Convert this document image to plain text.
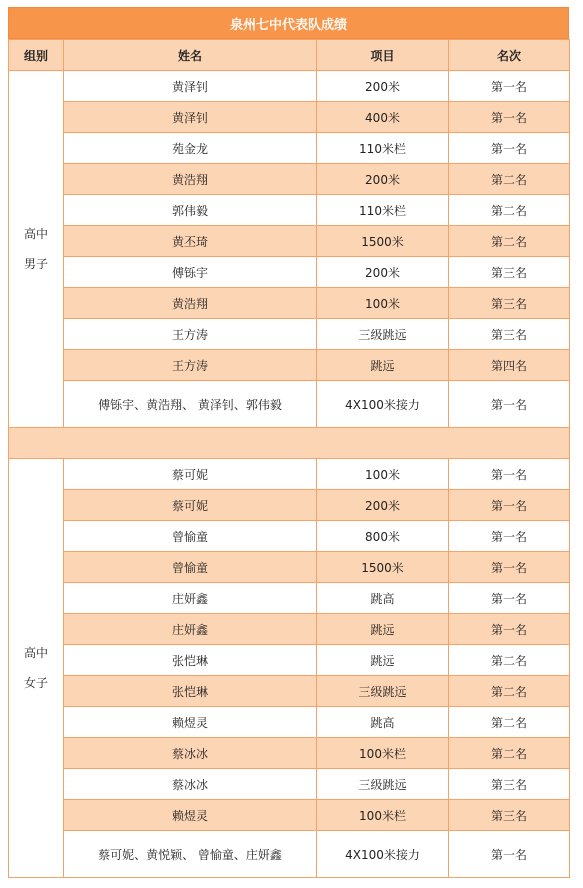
泉州七中代表队成绩
组别	姓名	项目	名次

高中
男子	黄泽钊	200米	第一名
	黄泽钊	400米	第一名
	苑金龙	110米栏	第一名
	黄浩翔	200米	第二名
	郭伟毅	110米栏	第二名
	黄丕琦	1500米	第二名
	傅铄宇	200米	第三名
	黄浩翔	100米	第三名
	王方涛	三级跳远	第三名
	王方涛	跳远	第四名
	傅铄宇、黄浩翔、 黄泽钊、郭伟毅	4X100米接力	第一名

高中
女子	蔡可妮	100米	第一名
	蔡可妮	200米	第一名
	曾愉童	800米	第一名
	曾愉童	1500米	第一名
	庄妍鑫	跳高	第一名
	庄妍鑫	跳远	第一名
	张恺琳	跳远	第二名
	张恺琳	三级跳远	第二名
	赖煜灵	跳高	第二名
	蔡冰冰	100米栏	第二名
	蔡冰冰	三级跳远	第三名
	赖煜灵	100米栏	第三名
	蔡可妮、黄悦颖、 曾愉童、庄妍鑫	4X100米接力	第一名
